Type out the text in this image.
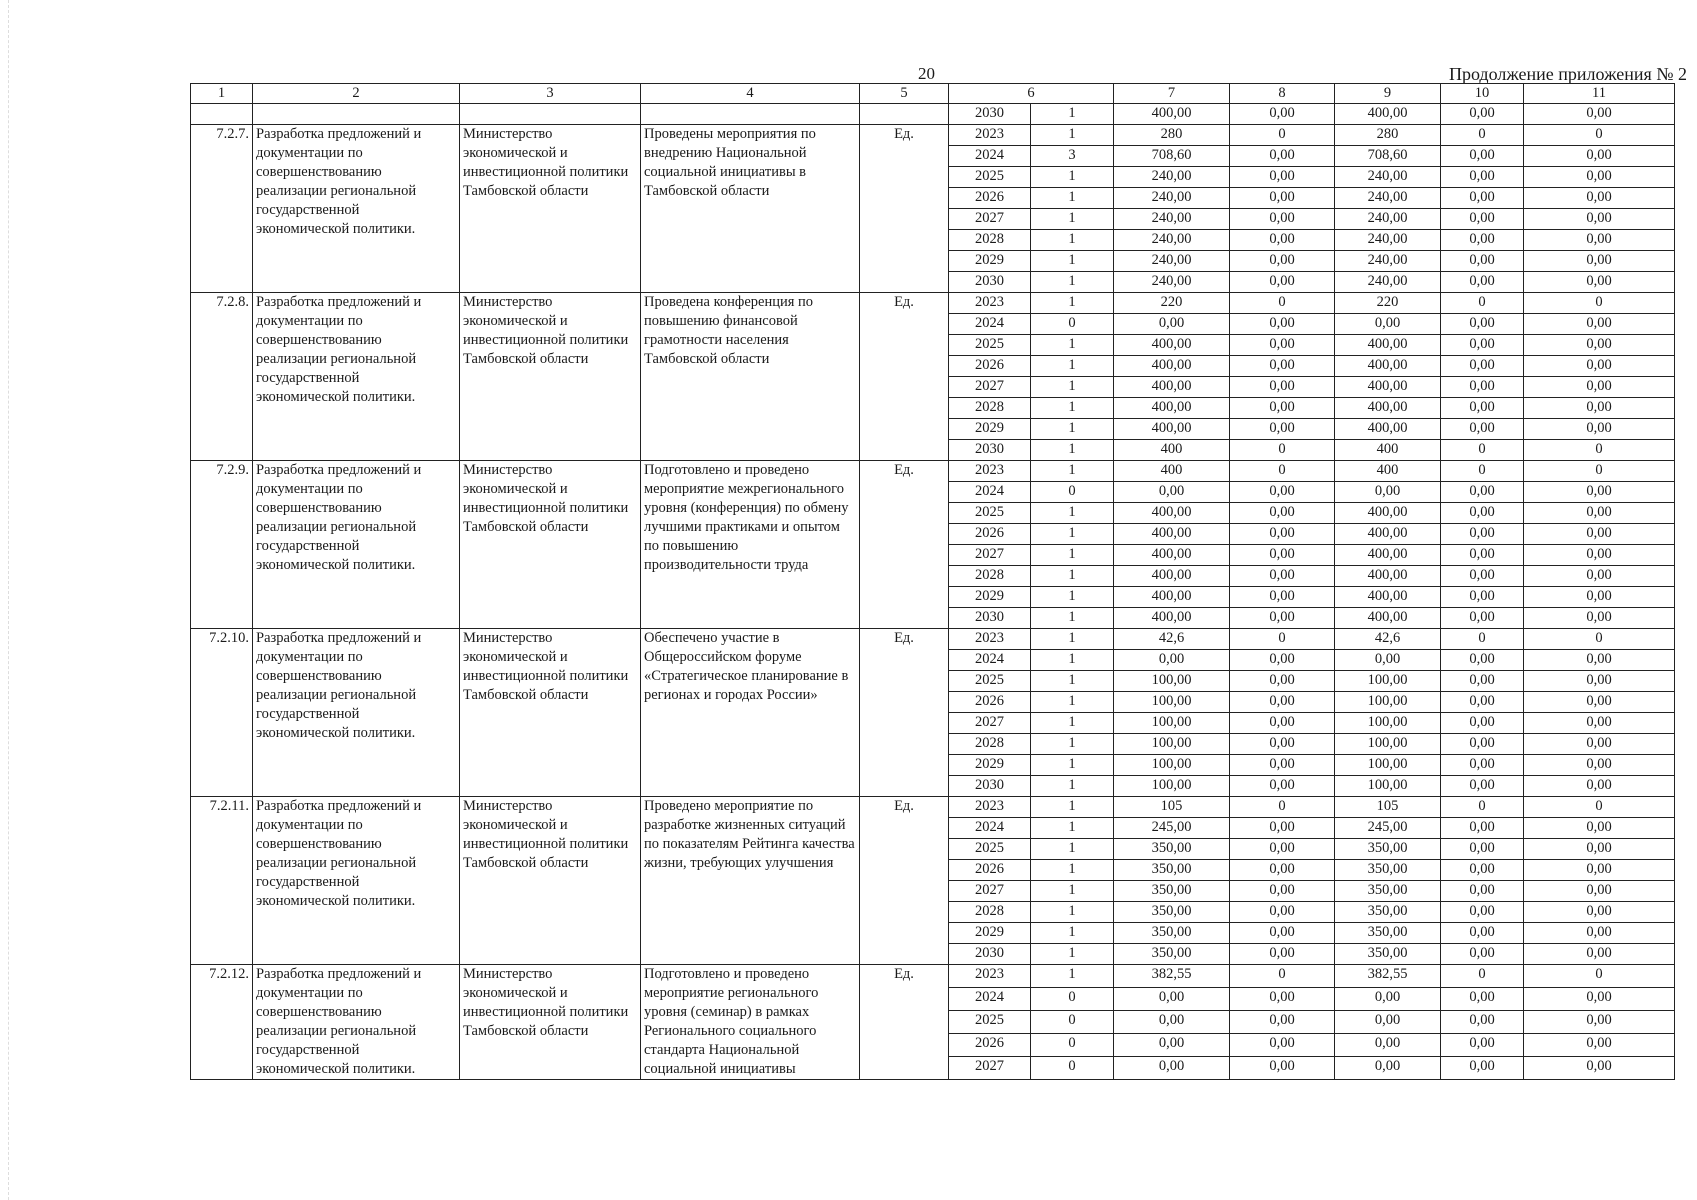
20	Продолжение приложения № 2
1	2	3	4	5	6		7	8	9	10	11
					2030	1	400,00	0,00	400,00	0,00	0,00
7.2.7.	Разработка предложений и документации по совершенствованию реализации региональной государственной экономической политики.	Министерство экономической и инвестиционной политики Тамбовской области	Проведены мероприятия по внедрению Национальной социальной инициативы в Тамбовской области	Ед.	2023	1	280	0	280	0	0
					2024	3	708,60	0,00	708,60	0,00	0,00
					2025	1	240,00	0,00	240,00	0,00	0,00
					2026	1	240,00	0,00	240,00	0,00	0,00
					2027	1	240,00	0,00	240,00	0,00	0,00
					2028	1	240,00	0,00	240,00	0,00	0,00
					2029	1	240,00	0,00	240,00	0,00	0,00
					2030	1	240,00	0,00	240,00	0,00	0,00
7.2.8.	Разработка предложений и документации по совершенствованию реализации региональной государственной экономической политики.	Министерство экономической и инвестиционной политики Тамбовской области	Проведена конференция по повышению финансовой грамотности населения Тамбовской области	Ед.	2023	1	220	0	220	0	0
					2024	0	0,00	0,00	0,00	0,00	0,00
					2025	1	400,00	0,00	400,00	0,00	0,00
					2026	1	400,00	0,00	400,00	0,00	0,00
					2027	1	400,00	0,00	400,00	0,00	0,00
					2028	1	400,00	0,00	400,00	0,00	0,00
					2029	1	400,00	0,00	400,00	0,00	0,00
					2030	1	400	0	400	0	0
7.2.9.	Разработка предложений и документации по совершенствованию реализации региональной государственной экономической политики.	Министерство экономической и инвестиционной политики Тамбовской области	Подготовлено и проведено мероприятие межрегионального уровня (конференция) по обмену лучшими практиками и опытом по повышению производительности труда	Ед.	2023	1	400	0	400	0	0
					2024	0	0,00	0,00	0,00	0,00	0,00
					2025	1	400,00	0,00	400,00	0,00	0,00
					2026	1	400,00	0,00	400,00	0,00	0,00
					2027	1	400,00	0,00	400,00	0,00	0,00
					2028	1	400,00	0,00	400,00	0,00	0,00
					2029	1	400,00	0,00	400,00	0,00	0,00
					2030	1	400,00	0,00	400,00	0,00	0,00
7.2.10.	Разработка предложений и документации по совершенствованию реализации региональной государственной экономической политики.	Министерство экономической и инвестиционной политики Тамбовской области	Обеспечено участие в Общероссийском форуме «Стратегическое планирование в регионах и городах России»	Ед.	2023	1	42,6	0	42,6	0	0
					2024	1	0,00	0,00	0,00	0,00	0,00
					2025	1	100,00	0,00	100,00	0,00	0,00
					2026	1	100,00	0,00	100,00	0,00	0,00
					2027	1	100,00	0,00	100,00	0,00	0,00
					2028	1	100,00	0,00	100,00	0,00	0,00
					2029	1	100,00	0,00	100,00	0,00	0,00
					2030	1	100,00	0,00	100,00	0,00	0,00
7.2.11.	Разработка предложений и документации по совершенствованию реализации региональной государственной экономической политики.	Министерство экономической и инвестиционной политики Тамбовской области	Проведено мероприятие по разработке жизненных ситуаций по показателям Рейтинга качества жизни, требующих улучшения	Ед.	2023	1	105	0	105	0	0
					2024	1	245,00	0,00	245,00	0,00	0,00
					2025	1	350,00	0,00	350,00	0,00	0,00
					2026	1	350,00	0,00	350,00	0,00	0,00
					2027	1	350,00	0,00	350,00	0,00	0,00
					2028	1	350,00	0,00	350,00	0,00	0,00
					2029	1	350,00	0,00	350,00	0,00	0,00
					2030	1	350,00	0,00	350,00	0,00	0,00
7.2.12.	Разработка предложений и документации по совершенствованию реализации региональной государственной экономической политики.	Министерство экономической и инвестиционной политики Тамбовской области	Подготовлено и проведено мероприятие регионального уровня (семинар) в рамках Регионального социального стандарта Национальной социальной инициативы	Ед.	2023	1	382,55	0	382,55	0	0
					2024	0	0,00	0,00	0,00	0,00	0,00
					2025	0	0,00	0,00	0,00	0,00	0,00
					2026	0	0,00	0,00	0,00	0,00	0,00
					2027	0	0,00	0,00	0,00	0,00	0,00
